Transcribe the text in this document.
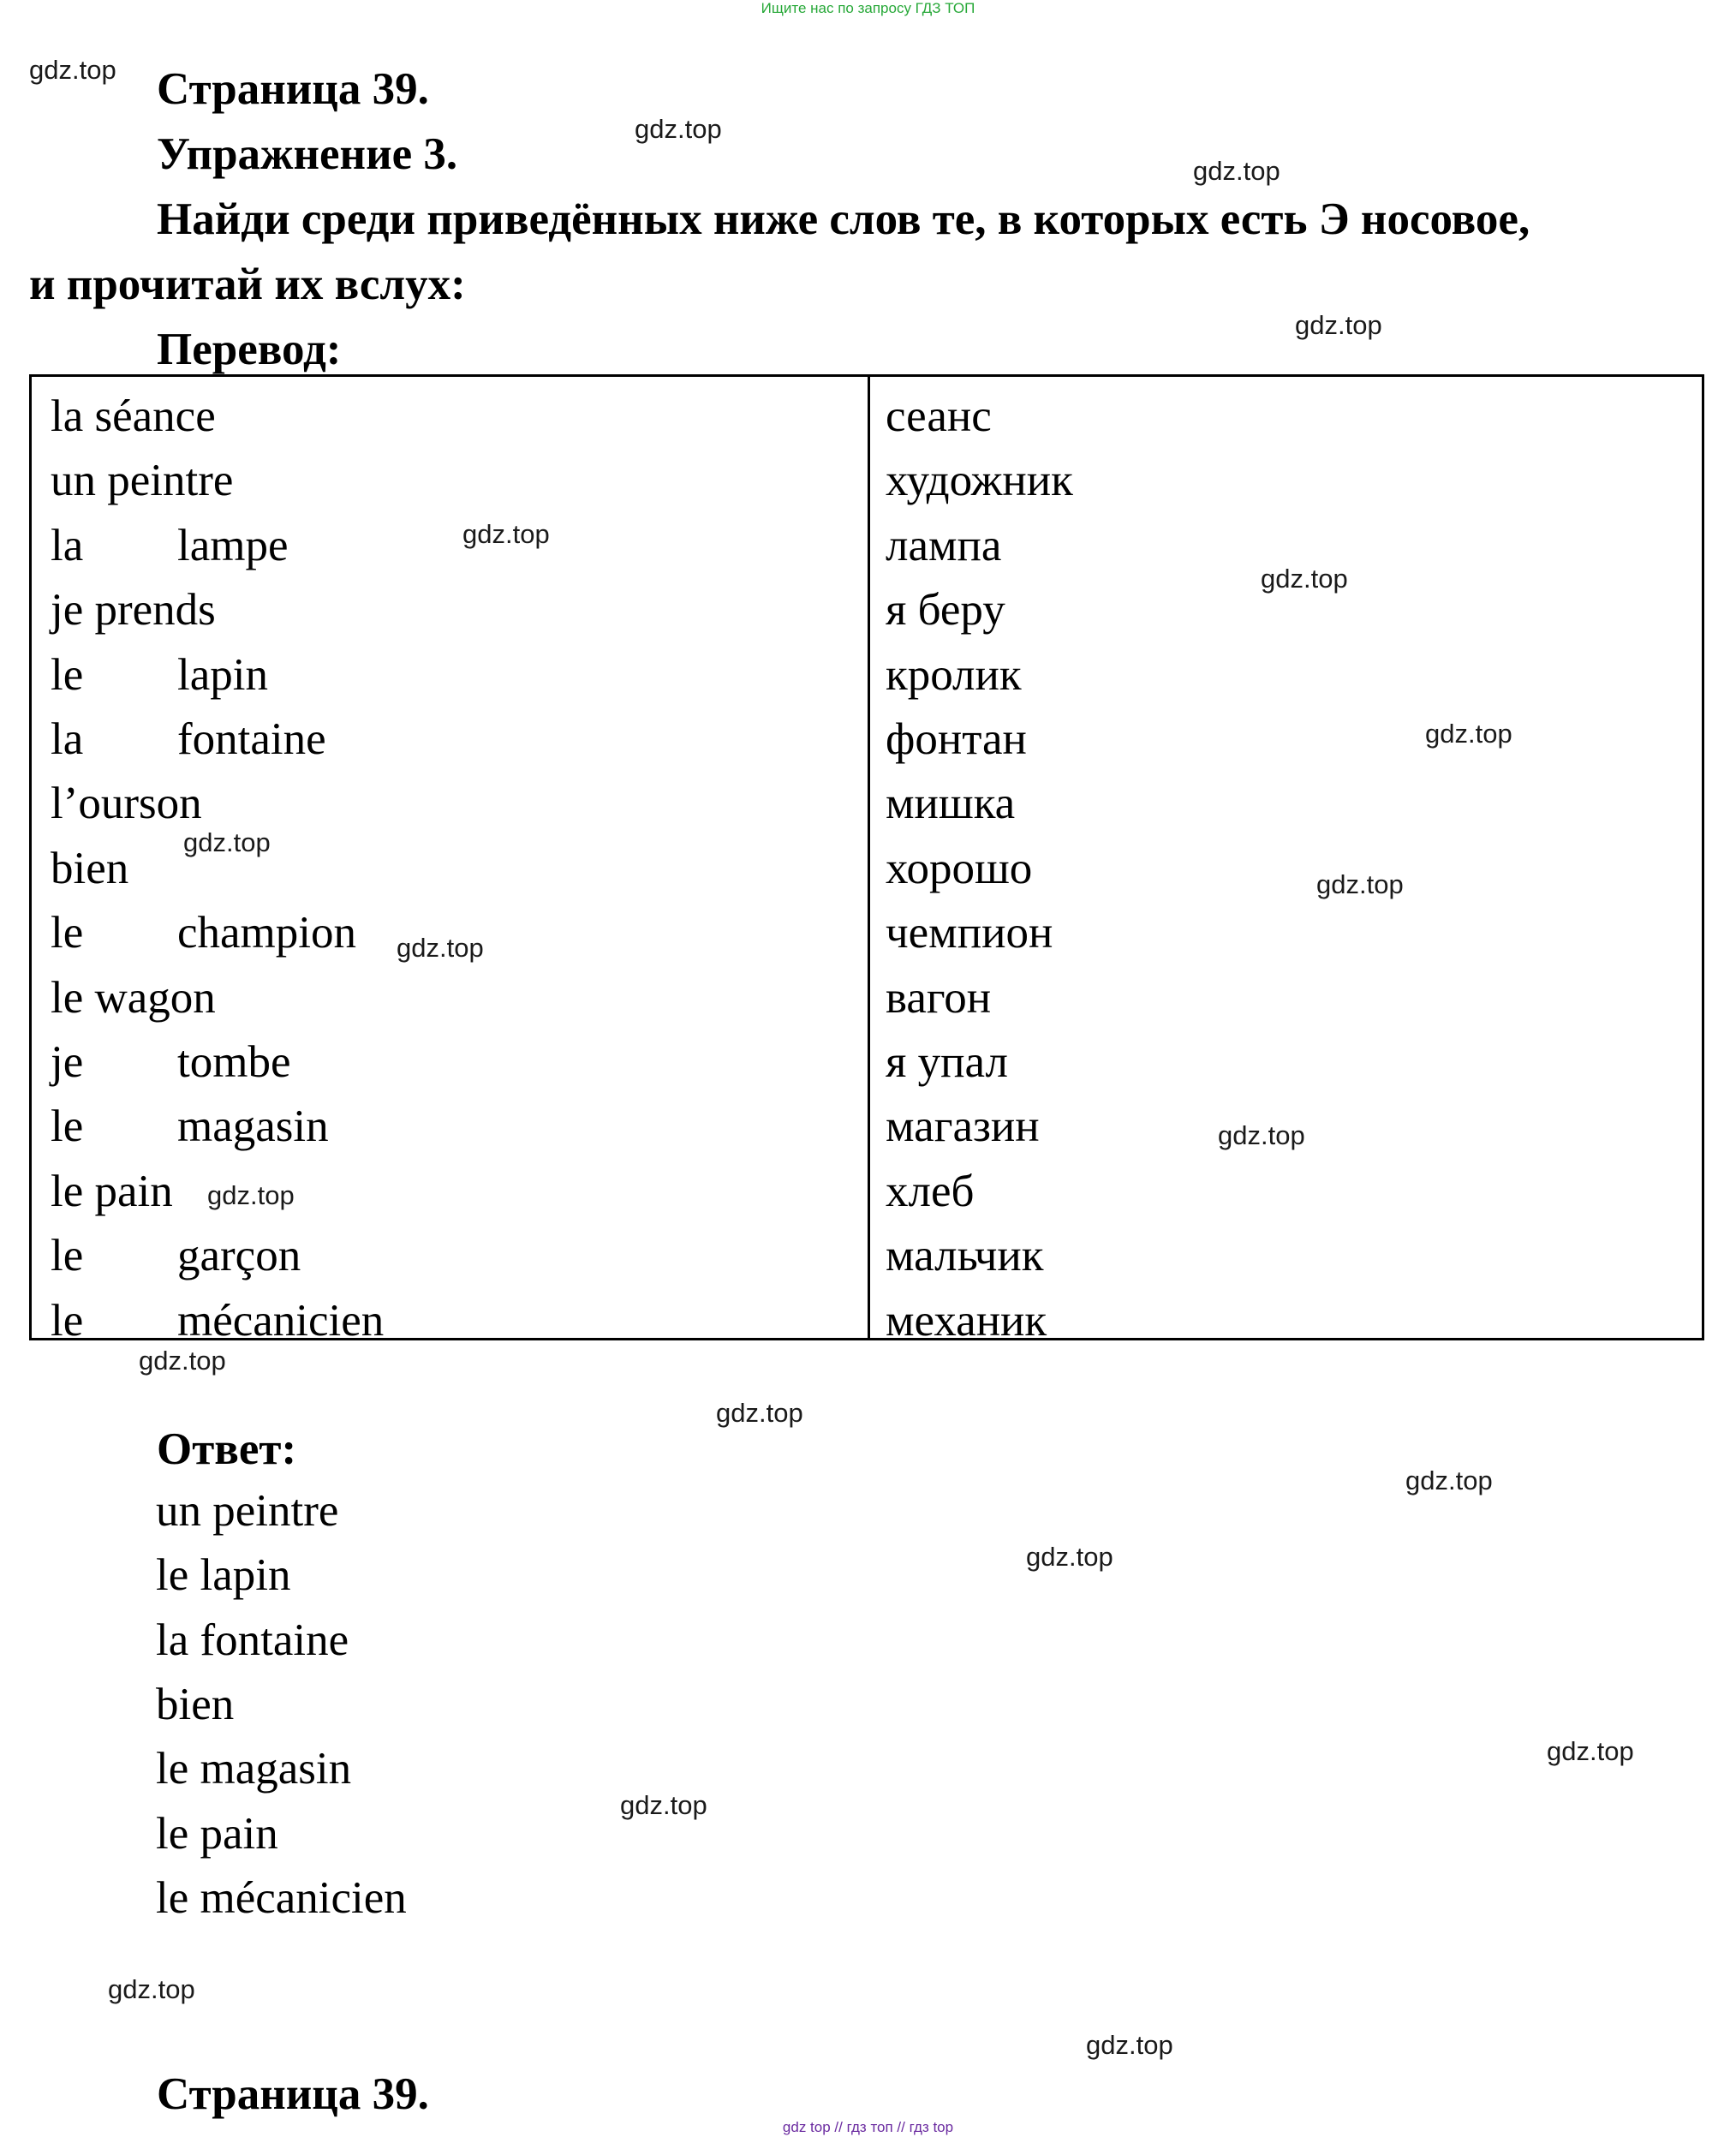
Ищите нас по запросу ГДЗ ТОП
gdz.top
gdz.top
gdz.top
gdz.top
gdz.top
gdz.top
gdz.top
gdz.top
gdz.top
gdz.top
gdz.top
gdz.top
gdz.top
gdz.top
gdz.top
gdz.top
gdz.top
gdz.top
gdz.top
gdz.top
Страница 39.
Упражнение 3.
Найди среди приведённых ниже слов те, в которых есть Э носовое,
и прочитай их вслух:
Перевод:
la séance	сеанс
un peintre	художник
la lampe	лампа
je prends	я беру
le lapin	кролик
la fontaine	фонтан
l’ourson	мишка
bien	хорошо
le champion	чемпион
le wagon	вагон
je tombe	я упал
le magasin	магазин
le pain	хлеб
le garçon	мальчик
le mécanicien	механик
Ответ:
un peintre
le lapin
la fontaine
bien
le magasin
le pain
le mécanicien
Страница 39.
gdz top // гдз топ // гдз top
